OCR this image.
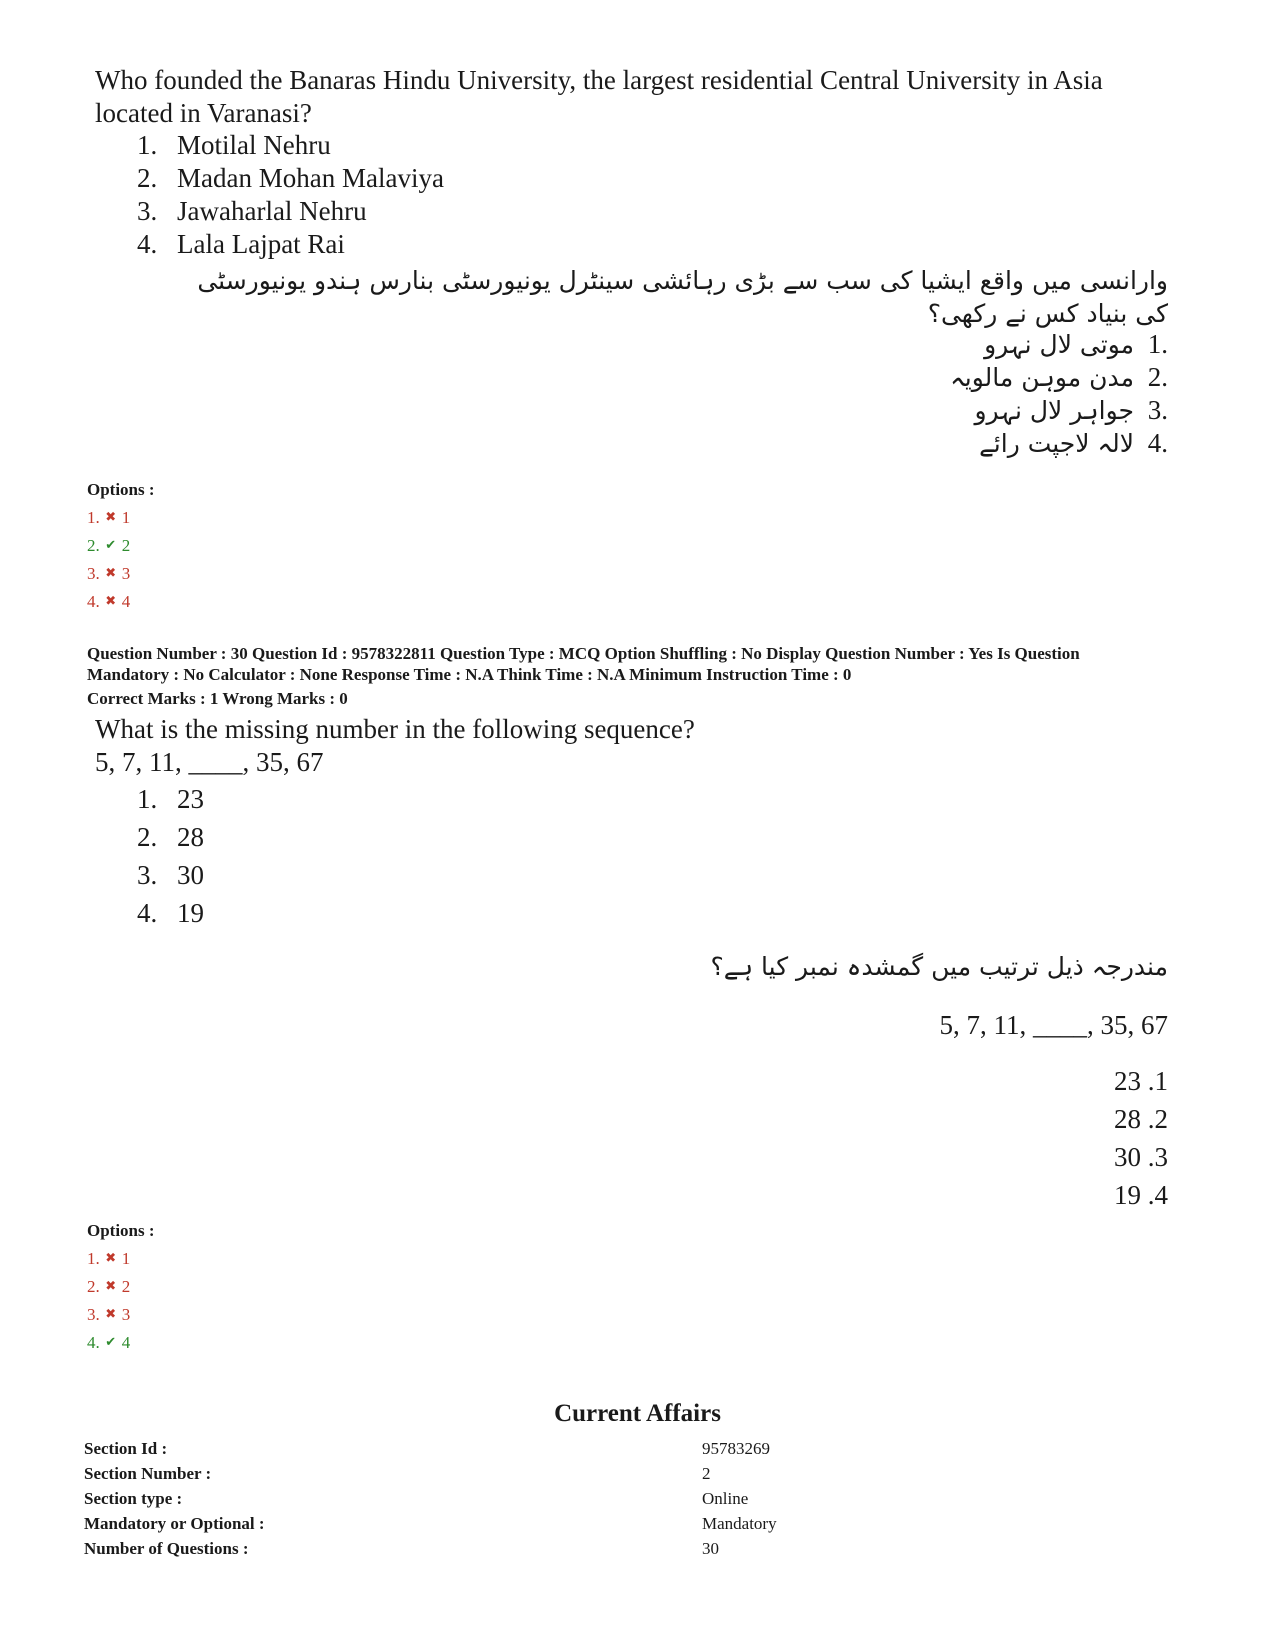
Who founded the Banaras Hindu University, the largest residential Central University in Asia located in Varanasi?
1. Motilal Nehru
2. Madan Mohan Malaviya
3. Jawaharlal Nehru
4. Lala Lajpat Rai
وارانسی میں واقع ایشیا کی سب سے بڑی رہائشی سینٹرل یونیورسٹی بنارس ہندو یونیورسٹی کی بنیاد کس نے رکھی؟
موتی لال نہرو 1.
مدن موہن مالویہ 2.
جواہر لال نہرو 3.
لالہ لاجپت رائے 4.
Options :
1. ✖ 1
2. ✔ 2
3. ✖ 3
4. ✖ 4
Question Number : 30 Question Id : 9578322811 Question Type : MCQ Option Shuffling : No Display Question Number : Yes Is Question
Mandatory : No Calculator : None Response Time : N.A Think Time : N.A Minimum Instruction Time : 0
Correct Marks : 1 Wrong Marks : 0
What is the missing number in the following sequence?
5, 7, 11, ____, 35, 67
1. 23
2. 28
3. 30
4. 19
مندرجہ ذیل ترتیب میں گمشدہ نمبر کیا ہے؟
5, 7, 11, ____, 35, 67
23 .1
28 .2
30 .3
19 .4
Options :
1. ✖ 1
2. ✖ 2
3. ✖ 3
4. ✔ 4
Current Affairs
Section Id :	95783269
Section Number :	2
Section type :	Online
Mandatory or Optional :	Mandatory
Number of Questions :	30
